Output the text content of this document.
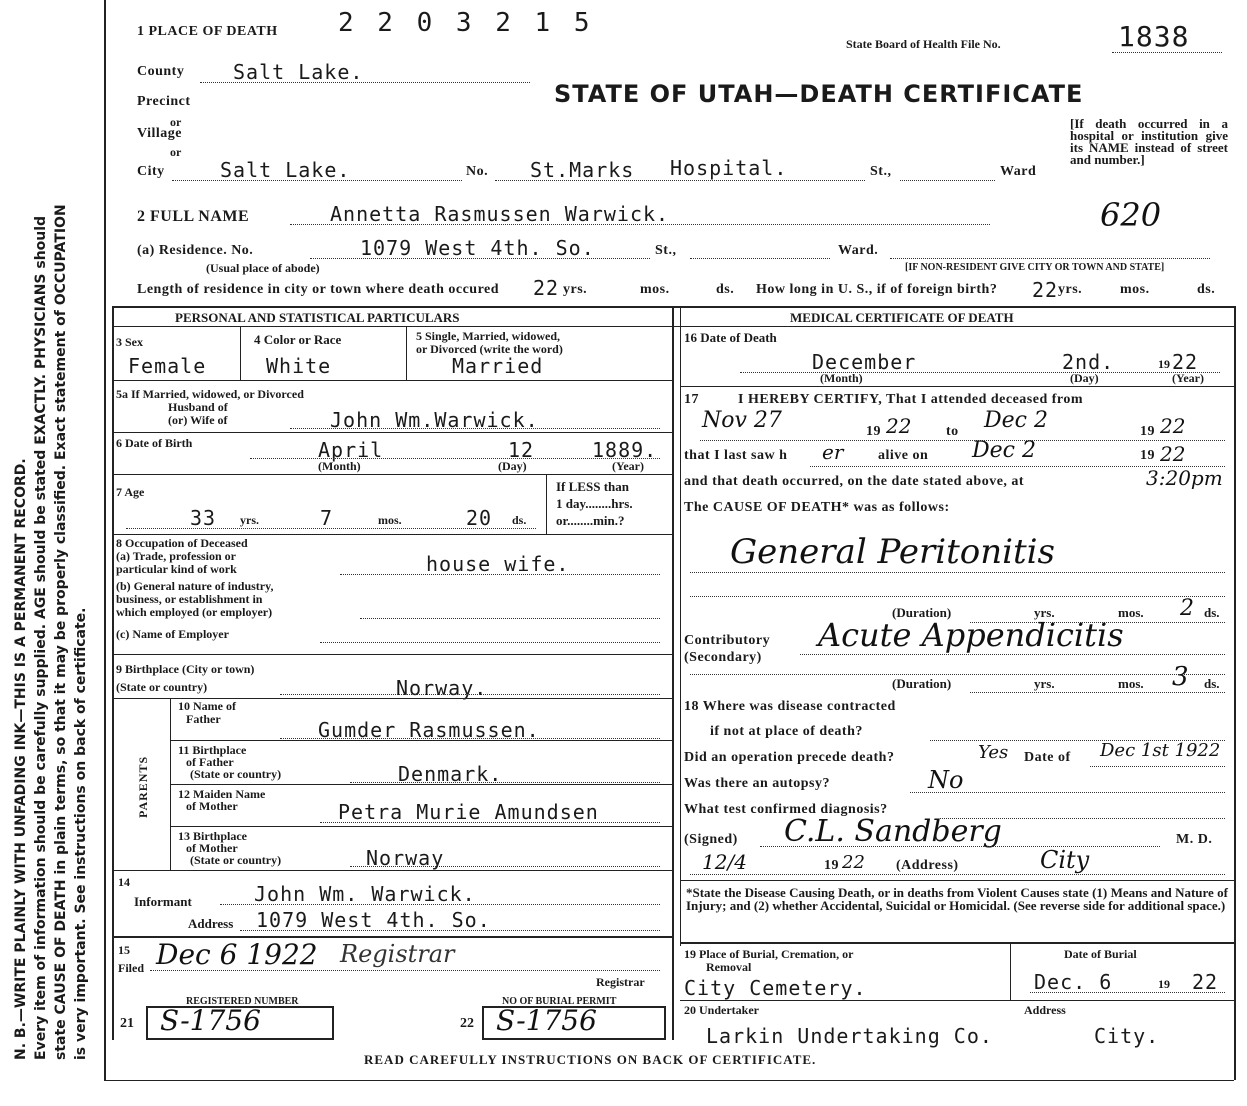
N. B.—WRITE PLAINLY WITH UNFADING INK—THIS IS A PERMANENT RECORD. Every item of information should be carefully supplied. AGE should be stated EXACTLY. PHYSICIANS should state CAUSE OF DEATH in plain terms, so that it may be properly classified. Exact statement of OCCUPATION is very important. See instructions on back of certificate.
1 PLACE OF DEATH 2 2 0 3 2 1 5
State Board of Health File No.	1838
County Salt Lake.
STATE OF UTAH—DEATH CERTIFICATE
Precinct
or
Village
or
City	Salt Lake.	No. St.Marks Hospital.	St.,	Ward
[If death occurred in a hospital or institution give its NAME instead of street and number.]
620
2 FULL NAME	Annetta Rasmussen Warwick.
(a) Residence. No.	1079 West 4th. So.	St.,	Ward.
(Usual place of abode)	[IF NON-RESIDENT GIVE CITY OR TOWN AND STATE]
Length of residence in city or town where death occured 22 yrs.	mos.	ds. How long in U. S., if of foreign birth? 22 yrs.	mos.	ds.
PERSONAL AND STATISTICAL PARTICULARS
3 Sex
Female
4 Color or Race
White
5 Single, Married, widowed,
or Divorced (write the word)
Married
5a If Married, widowed, or Divorced
Husband of
(or) Wife of	John Wm.Warwick.
6 Date of Birth	April	12	1889.
(Month)	(Day)	(Year)
7 Age
33 yrs.	7	mos.	20 ds.
If LESS than
1 day........hrs.
or........min.?
8 Occupation of Deceased
(a) Trade, profession or
particular kind of work	house wife.
(b) General nature of industry,
business, or establishment in
which employed (or employer)
(c) Name of Employer
9 Birthplace (City or town)
(State or country)	Norway.
PARENTS
10 Name of
Father	Gumder Rasmussen.
11 Birthplace
of Father
(State or country)	Denmark.
12 Maiden Name
of Mother	Petra Murie Amundsen
13 Birthplace
of Mother
(State or country)	Norway
14
Informant	John Wm. Warwick.
Address 1079 West 4th. So.
15
Filed Dec 6 1922 Registrar
Registrar
REGISTERED NUMBER
21 S-1756
NO OF BURIAL PERMIT
22 S-1756
MEDICAL CERTIFICATE OF DEATH
16 Date of Death
December	2nd.	19 22
(Month)	(Day)	(Year)
17	I HEREBY CERTIFY, That I attended deceased from
Nov 27	19 22 to Dec 2	19 22
that I last saw h er alive on Dec 2	19 22
and that death occurred, on the date stated above, at	3:20pm
The CAUSE OF DEATH* was as follows:
General Peritonitis
(Duration)	yrs.	mos. 2 ds.
Contributory
(Secondary)
Acute Appendicitis
(Duration)	yrs.	mos. 3 ds.
18 Where was disease contracted
if not at place of death?
Did an operation precede death?	Yes Date of Dec 1st 1922
Was there an autopsy?	No
What test confirmed diagnosis?
(Signed) C.L. Sandberg	M. D.
12/4	19 22 (Address)	City
*State the Disease Causing Death, or in deaths from Violent Causes state (1) Means and Nature of Injury; and (2) whether Accidental, Suicidal or Homicidal. (See reverse side for additional space.)
19 Place of Burial, Cremation, or
Removal
City Cemetery.
Date of Burial
Dec. 6	19 22
20 Undertaker
Larkin Undertaking Co.
Address
City.
READ CAREFULLY INSTRUCTIONS ON BACK OF CERTIFICATE.
